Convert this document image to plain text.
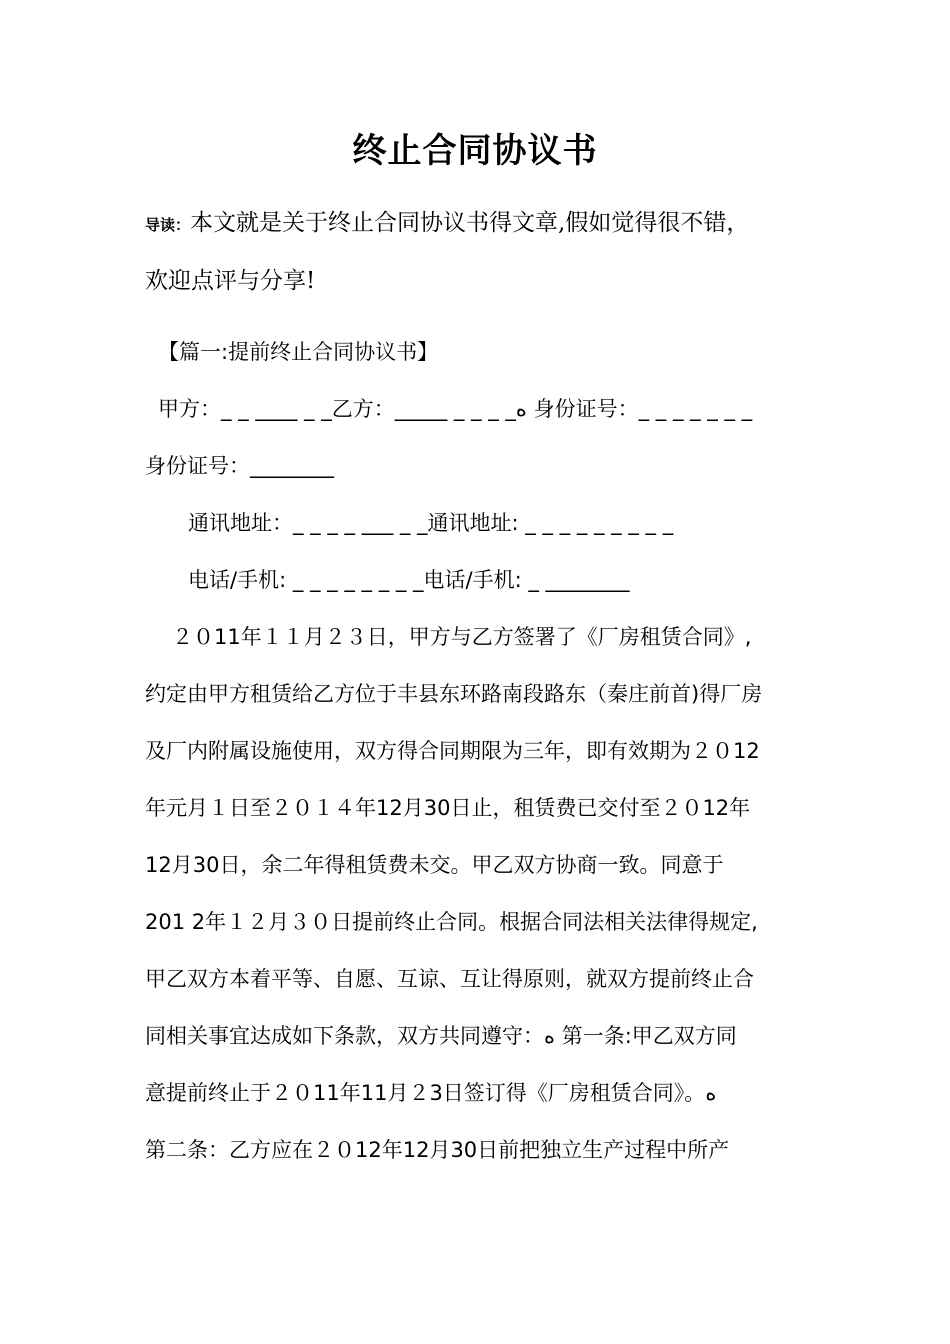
终止合同协议书
导读：本文就是关于终止合同协议书得文章,假如觉得很不错，
欢迎点评与分享!
【篇一:提前终止合同协议书】
甲方：_ _ ____ _ _乙方：_____ _ _ _ _ﻩ 身份证号：_ _ _ _ _ _ _
身份证号：________
通讯地址：_ _ _ _ ___ _ _通讯地址: _ _ _ _ _ _ _ _ _
电话/手机: _ _ _ _ _ _ _ _电话/手机: _ ________
２０11年１１月２３日，甲方与乙方签署了《厂房租赁合同》,
约定由甲方租赁给乙方位于丰县东环路南段路东（秦庄前首)得厂房
及厂内附属设施使用，双方得合同期限为三年，即有效期为２０12
年元月１日至２０１４年12月30日止，租赁费已交付至２０12年
12月30日，余二年得租赁费未交。甲乙双方协商一致。同意于
201 2年１２月３０日提前终止合同。根据合同法相关法律得规定,
甲乙双方本着平等、自愿、互谅、互让得原则，就双方提前终止合
同相关事宜达成如下条款，双方共同遵守：ﻩ 第一条:甲乙双方同
意提前终止于２０11年11月２3日签订得《厂房租赁合同》。ﻩ
第二条：乙方应在２０12年12月30日前把独立生产过程中所产
